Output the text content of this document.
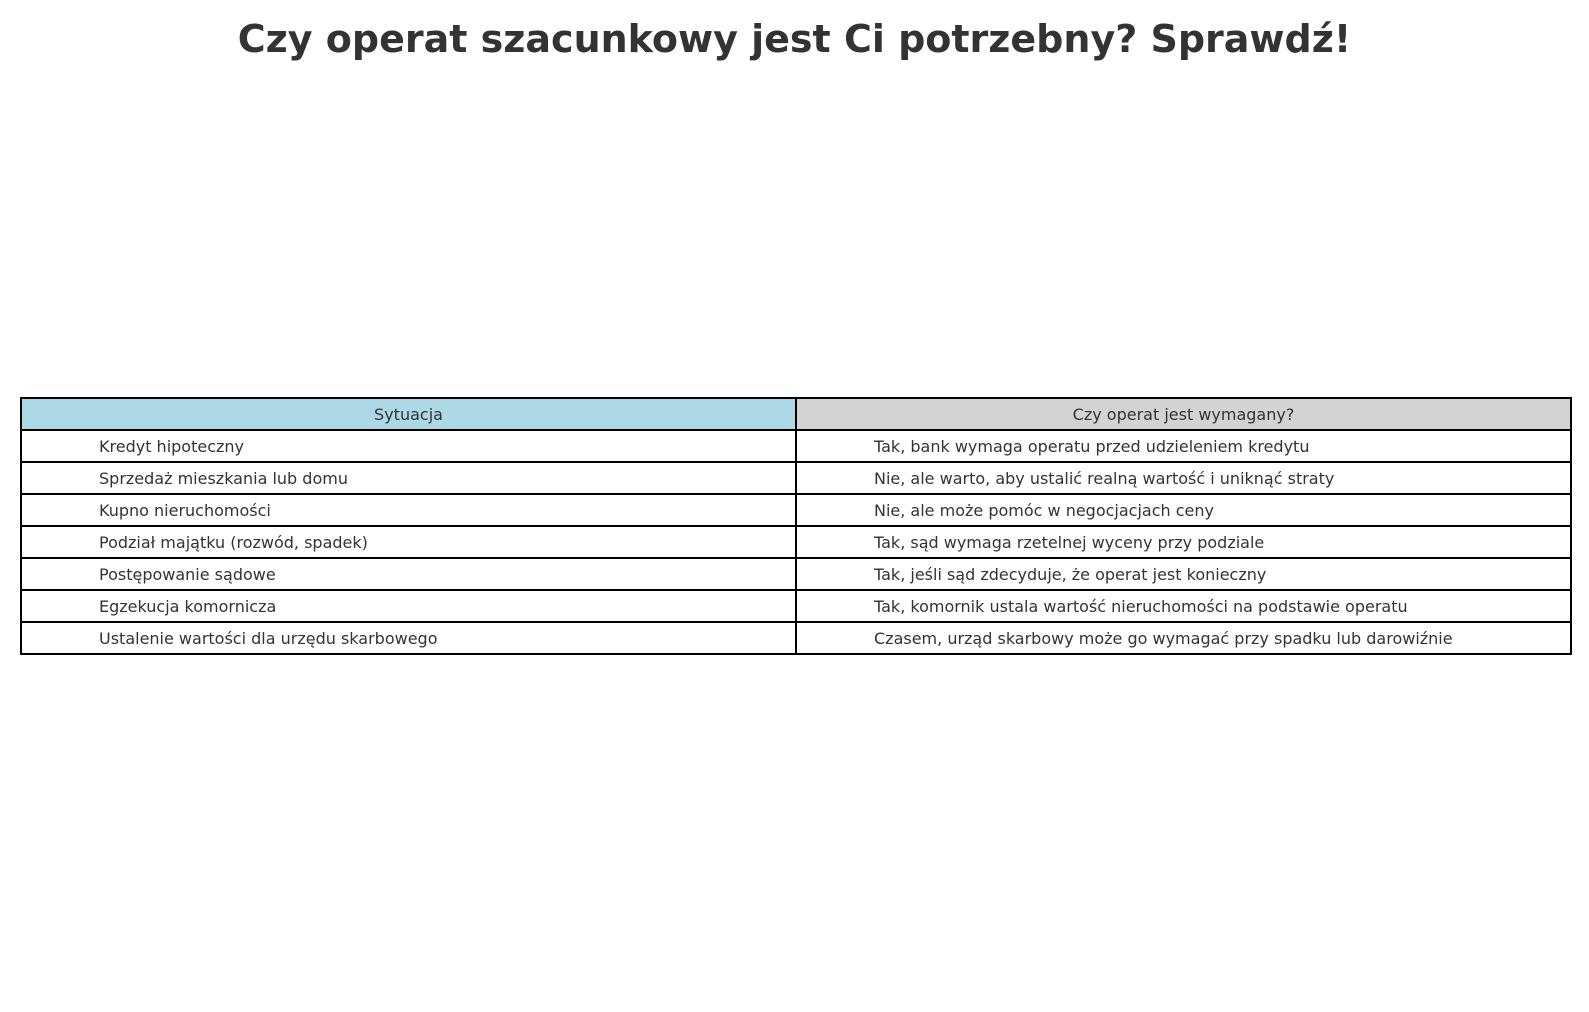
Czy operat szacunkowy jest Ci potrzebny? Sprawdź!
Sytuacja	Czy operat jest wymagany?
Kredyt hipoteczny	Tak, bank wymaga operatu przed udzieleniem kredytu
Sprzedaż mieszkania lub domu	Nie, ale warto, aby ustalić realną wartość i uniknąć straty
Kupno nieruchomości	Nie, ale może pomóc w negocjacjach ceny
Podział majątku (rozwód, spadek)	Tak, sąd wymaga rzetelnej wyceny przy podziale
Postępowanie sądowe	Tak, jeśli sąd zdecyduje, że operat jest konieczny
Egzekucja komornicza	Tak, komornik ustala wartość nieruchomości na podstawie operatu
Ustalenie wartości dla urzędu skarbowego	Czasem, urząd skarbowy może go wymagać przy spadku lub darowiźnie
